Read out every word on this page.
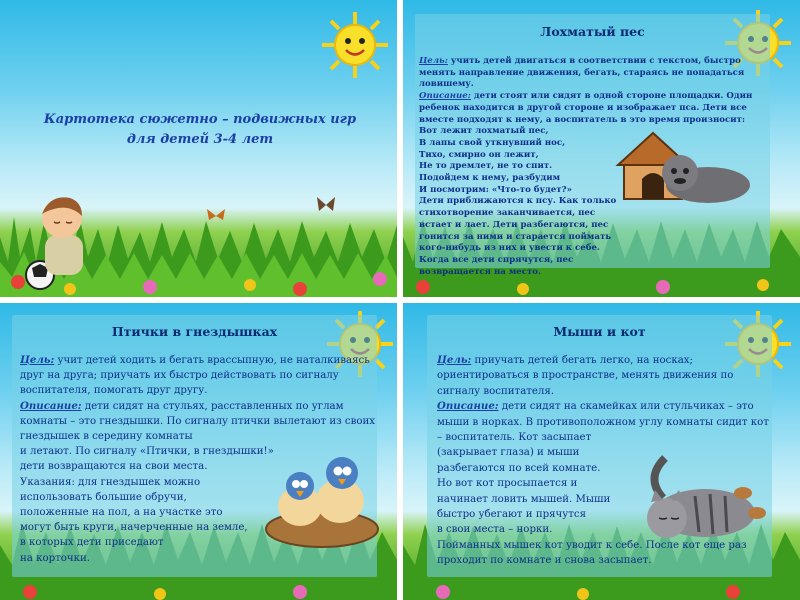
Картотека сюжетно – подвижных игр
для детей 3-4 лет
Лохматый пес

Цель: учить детей двигаться в соответствии с текстом, быстро менять направление движения, бегать, стараясь не попадаться ловишему.

Описание: дети стоят или сидят в одной стороне площадки. Один ребенок находится в другой стороне и изображает пса. Дети все вместе подходят к нему, а воспитатель в это время произносит:

Вот лежит лохматый пес,

В лапы свой уткнувший нос,

Тихо, смирно он лежит,

Не то дремлет, не то спит.

Подойдем к нему, разбудим

И посмотрим: «Что-то будет?»

Дети приближаются к псу. Как только стихотворение заканчивается, пес встает и лает. Дети разбегаются, пес гонится за ними и старается поймать кого-нибудь из них и увести к себе. Когда все дети спрячутся, пес возвращается на место.

Птички в гнездышках

Цель: учит детей ходить и бегать врассыпную, не наталкиваясь друг на друга; приучать их быстро действовать по сигналу воспитателя, помогать друг другу.

Описание: дети сидят на стульях, расставленных по углам комнаты – это гнездышки. По сигналу птички вылетают из своих гнездышек в середину комнаты

и летают. По сигналу «Птички, в гнездышки!»

дети возвращаются на свои места.

Указания: для гнездышек можно использовать большие обручи, положенные на пол, а на участке это могут быть круги, начерченные на земле, в которых дети приседают

на корточки.

Мыши и кот

Цель: приучать детей бегать легко, на носках; ориентироваться в пространстве, менять движения по сигналу воспитателя.

Описание: дети сидят на скамейках или стульчиках – это мыши в норках. В противоположном углу комнаты сидит кот – воспитатель. Кот засыпает

(закрывает глаза) и мыши

разбегаются по всей комнате.

Но вот кот просыпается и

начинает ловить мышей. Мыши

быстро убегают и прячутся

в свои места – норки.

Пойманных мышек кот уводит к себе. После кот еще раз проходит по комнате и снова засыпает.
